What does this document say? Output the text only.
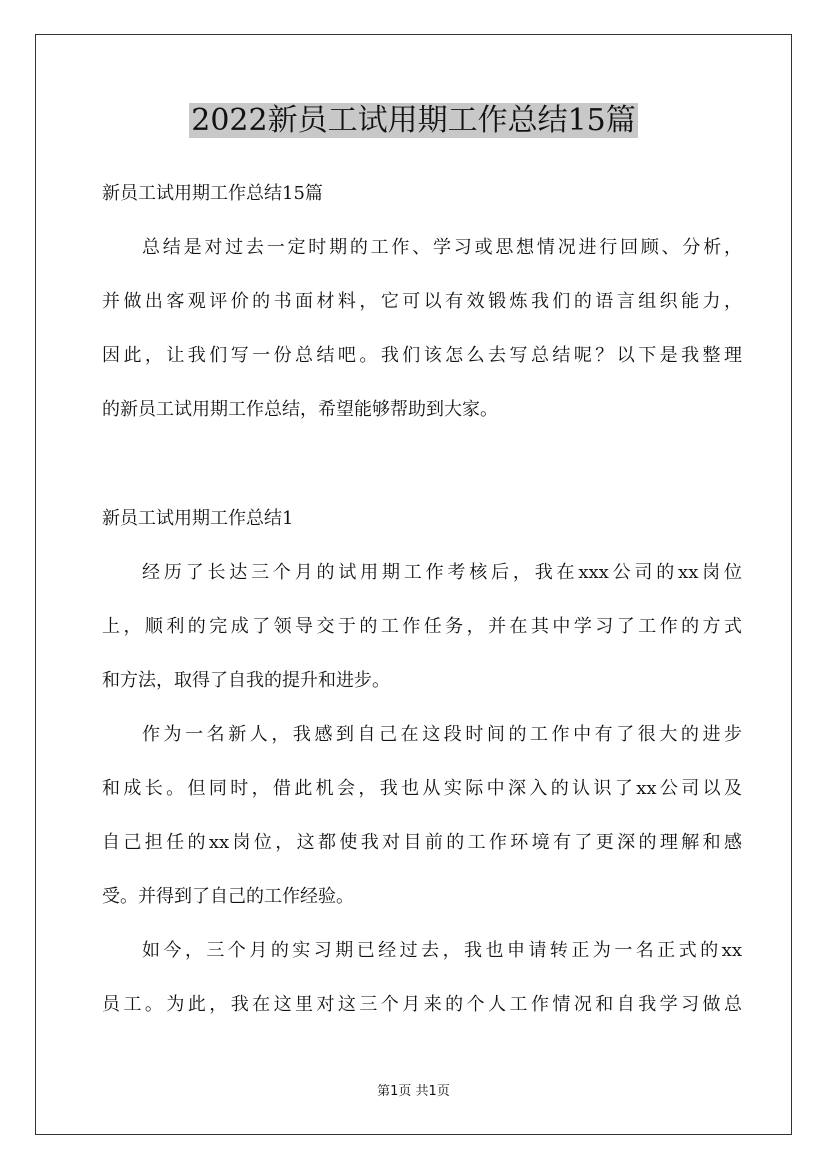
2022新员工试用期工作总结15篇
新员工试用期工作总结15篇
总结是对过去一定时期的工作、学习或思想情况进行回顾、分析，
并做出客观评价的书面材料，它可以有效锻炼我们的语言组织能力，
因此，让我们写一份总结吧。我们该怎么去写总结呢？以下是我整理
的新员工试用期工作总结，希望能够帮助到大家。
新员工试用期工作总结1
经历了长达三个月的试用期工作考核后，我在xxx公司的xx岗位
上，顺利的完成了领导交于的工作任务，并在其中学习了工作的方式
和方法，取得了自我的提升和进步。
作为一名新人，我感到自己在这段时间的工作中有了很大的进步
和成长。但同时，借此机会，我也从实际中深入的认识了xx公司以及
自己担任的xx岗位，这都使我对目前的工作环境有了更深的理解和感
受。并得到了自己的工作经验。
如今，三个月的实习期已经过去，我也申请转正为一名正式的xx
员工。为此，我在这里对这三个月来的个人工作情况和自我学习做总
第1页 共1页
